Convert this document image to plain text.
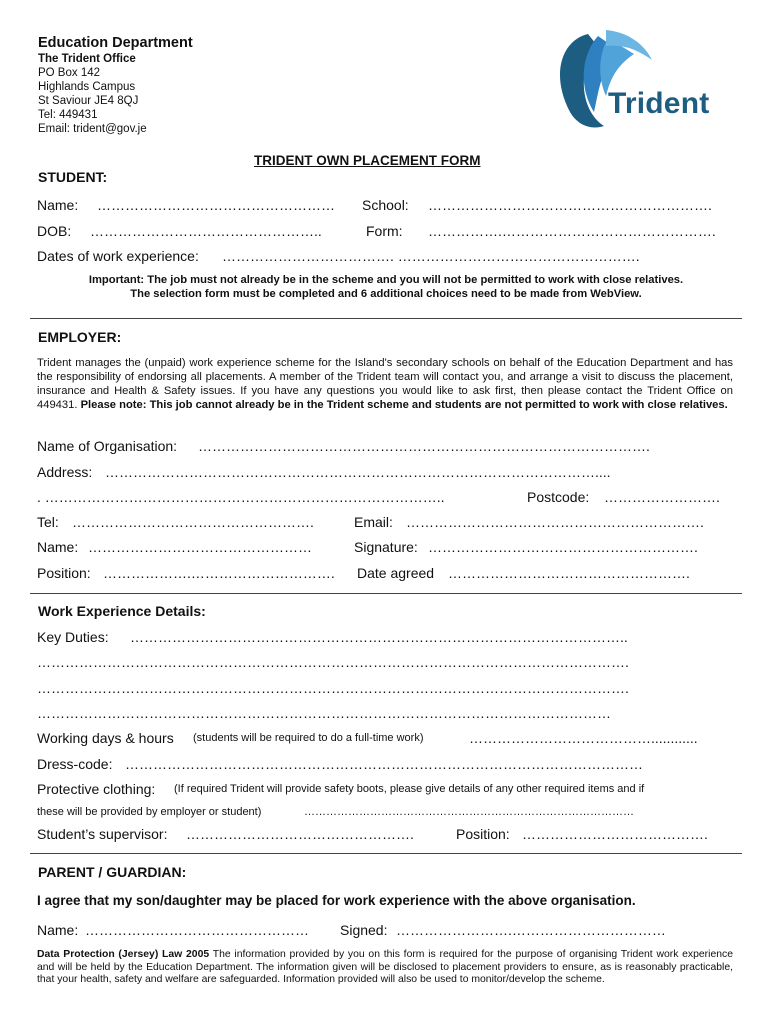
Education Department
The Trident Office
PO Box 142
Highlands Campus
St Saviour JE4 8QJ
Tel: 449431
Email: trident@gov.je
Trident
TRIDENT OWN PLACEMENT FORM
STUDENT:
Name: …………………………………………… School: …………………………………………………….
DOB: …………………………………………..	Form: …………….……………………………………….
Dates of work experience: ………………………………. …………………………………………….
Important: The job must not already be in the scheme and you will not be permitted to work with close relatives.
The selection form must be completed and 6 additional choices need to be made from WebView.
EMPLOYER:
Trident manages the (unpaid) work experience scheme for the Island's secondary schools on behalf of the Education Department and has the responsibility of endorsing all placements. A member of the Trident team will contact you, and arrange a visit to discuss the placement, insurance and Health & Safety issues. If you have any questions you would like to ask first, then please contact the Trident Office on 449431. Please note: This job cannot already be in the Trident scheme and students are not permitted to work with close relatives.
Name of Organisation: …………………………………………………………………………………….
Address: ……………………………………………………………………………………………....
. …………………………………………………………………………..	Postcode: …………………….
Tel: …………………………………………….	Email: ……………………………………………………….
Name: …………………………………………	Signature: ………………………………………………….
Position: ……………….…………………………. Date agreed …………………………………………….
Work Experience Details:
Key Duties: ……………………………………………………………………………………………..
……………………………………………………………………………………………………………….
……………………………………………………………………………………………………………….
……………………………………………………………………………………………………………
Working days & hours (students will be required to do a full-time work)	…………………………………............
Dress-code: …………………………………………………………………………………………………
Protective clothing: (If required Trident will provide safety boots, please give details of any other required items and if
these will be provided by employer or student)	………………………………………………………………………………
Student’s supervisor: ………………………………………….	Position: ………………………………….
PARENT / GUARDIAN:
I agree that my son/daughter may be placed for work experience with the above organisation.
Name: ………………………………………… Signed: …………………….……………………………
Data Protection (Jersey) Law 2005 The information provided by you on this form is required for the purpose of organising Trident work experience and will be held by the Education Department. The information given will be disclosed to placement providers to ensure, as is reasonably practicable, that your health, safety and welfare are safeguarded. Information provided will also be used to monitor/develop the scheme.
